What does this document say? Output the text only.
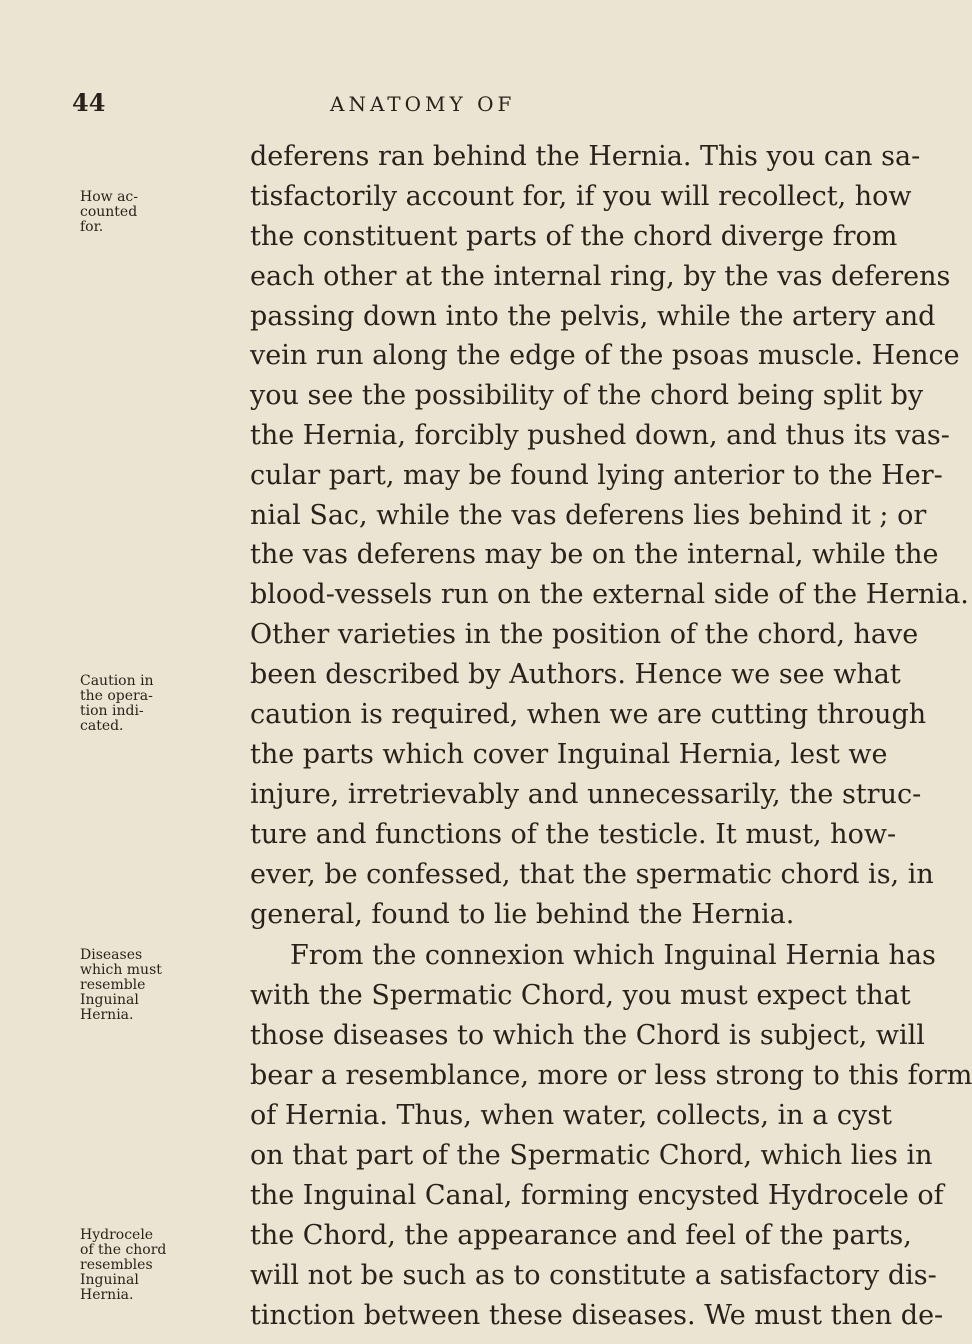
44	ANATOMY OF
deferens ran behind the Hernia. This you can sa-
tisfactorily account for, if you will recollect, how
the constituent parts of the chord diverge from
each other at the internal ring, by the vas deferens
passing down into the pelvis, while the artery and
vein run along the edge of the psoas muscle. Hence
you see the possibility of the chord being split by
the Hernia, forcibly pushed down, and thus its vas-
cular part, may be found lying anterior to the Her-
nial Sac, while the vas deferens lies behind it ; or
the vas deferens may be on the internal, while the
blood-vessels run on the external side of the Hernia.
Other varieties in the position of the chord, have
been described by Authors. Hence we see what
caution is required, when we are cutting through
the parts which cover Inguinal Hernia, lest we
injure, irretrievably and unnecessarily, the struc-
ture and functions of the testicle. It must, how-
ever, be confessed, that the spermatic chord is, in
general, found to lie behind the Hernia.
From the connexion which Inguinal Hernia has
with the Spermatic Chord, you must expect that
those diseases to which the Chord is subject, will
bear a resemblance, more or less strong to this form
of Hernia. Thus, when water, collects, in a cyst
on that part of the Spermatic Chord, which lies in
the Inguinal Canal, forming encysted Hydrocele of
the Chord, the appearance and feel of the parts,
will not be such as to constitute a satisfactory dis-
tinction between these diseases. We must then de-
How ac-
counted
for.
Caution in
the opera-
tion indi-
cated.
Diseases
which must
resemble
Inguinal
Hernia.
Hydrocele
of the chord
resembles
Inguinal
Hernia.
